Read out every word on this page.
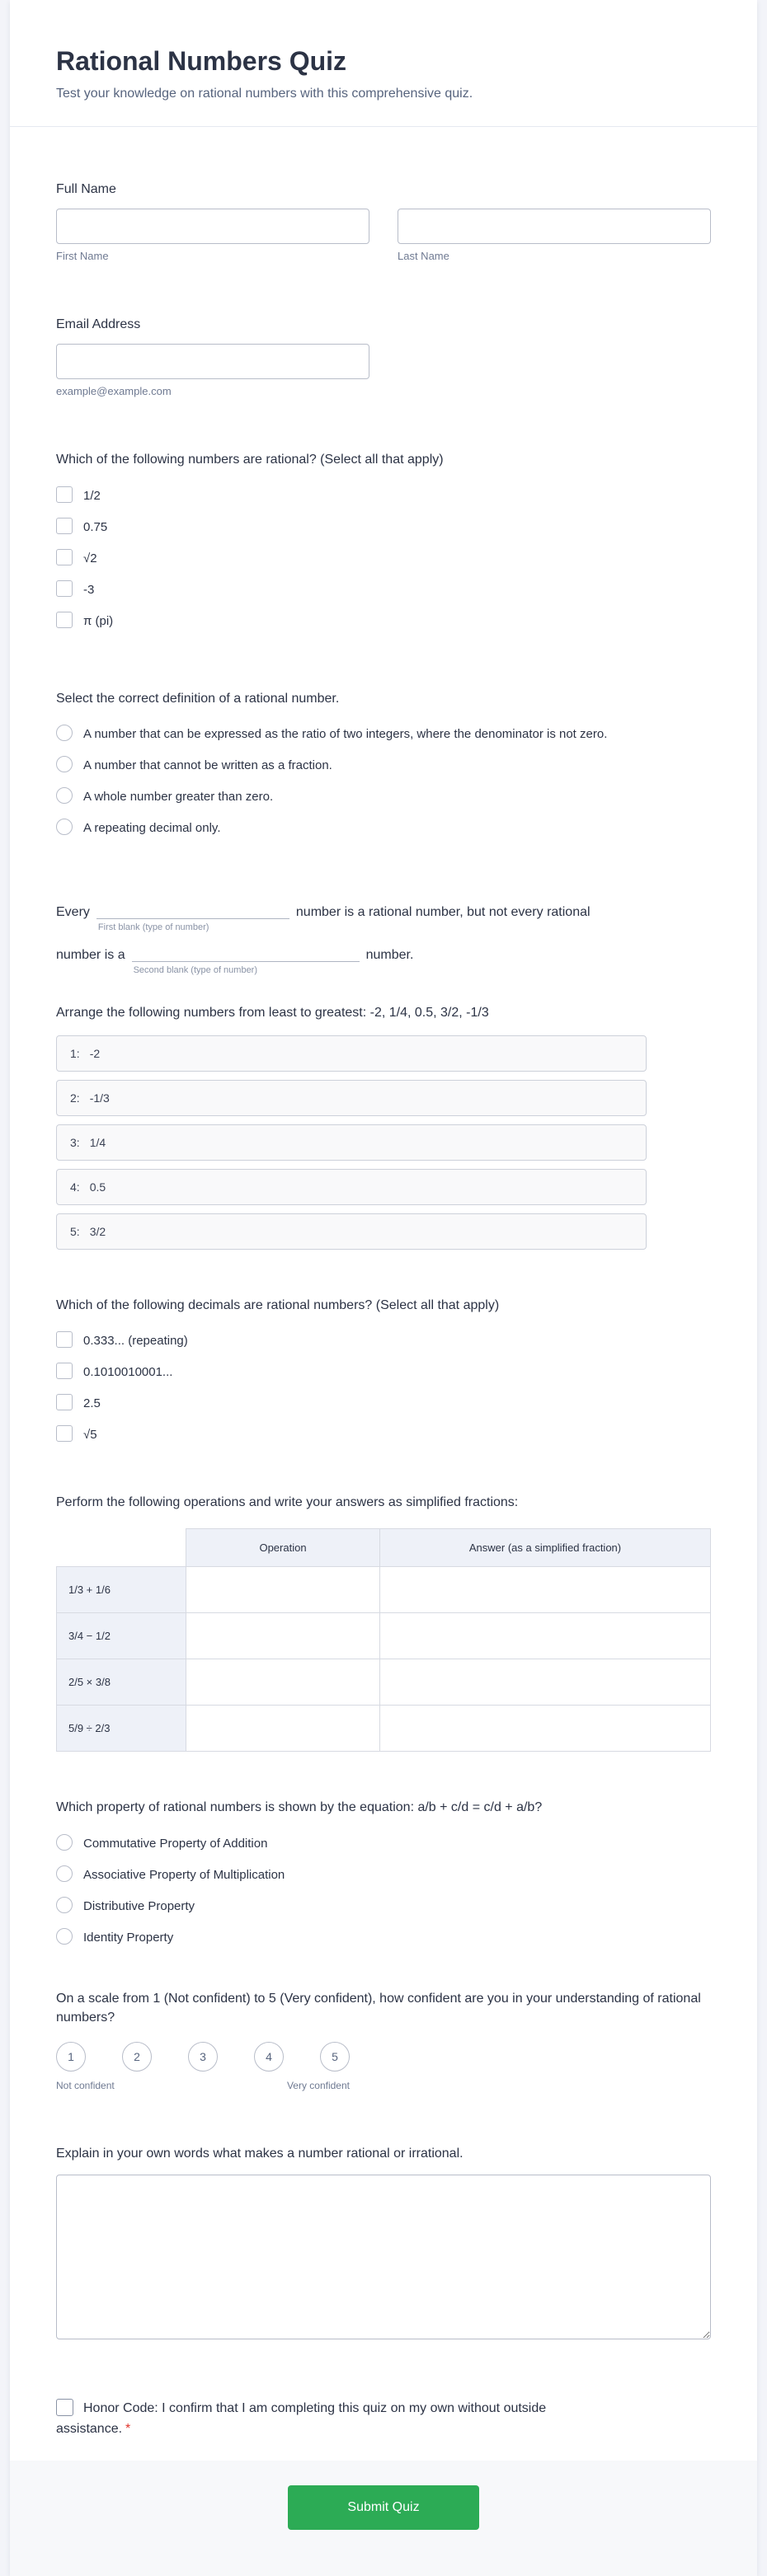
Rational Numbers Quiz

Test your knowledge on rational numbers with this comprehensive quiz.

Full Name
First Name	Last Name
Email Address
example@example.com
Which of the following numbers are rational? (Select all that apply)
1/2
0.75
√2
-3
π (pi)
Select the correct definition of a rational number.
A number that can be expressed as the ratio of two integers, where the denominator is not zero.
A number that cannot be written as a fraction.
A whole number greater than zero.
A repeating decimal only.
Every
First blank (type of number)
number is a rational number, but not every rational
number is a
Second blank (type of number)
number.
Arrange the following numbers from least to greatest: -2, 1/4, 0.5, 3/2, -1/3
1: -2
2: -1/3
3: 1/4
4: 0.5
5: 3/2
Which of the following decimals are rational numbers? (Select all that apply)
0.333... (repeating)
0.1010010001...
2.5
√5
Perform the following operations and write your answers as simplified fractions:
	Operation	Answer (as a simplified fraction)
1/3 + 1/6		
3/4 − 1/2		
2/5 × 3/8		
5/9 ÷ 2/3		
Which property of rational numbers is shown by the equation: a/b + c/d = c/d + a/b?
Commutative Property of Addition
Associative Property of Multiplication
Distributive Property
Identity Property
On a scale from 1 (Not confident) to 5 (Very confident), how confident are you in your understanding of rational numbers?
1	2	3	4	5
Not confident	Very confident
Explain in your own words what makes a number rational or irrational.
Honor Code: I confirm that I am completing this quiz on my own without outside assistance. *
Submit Quiz
